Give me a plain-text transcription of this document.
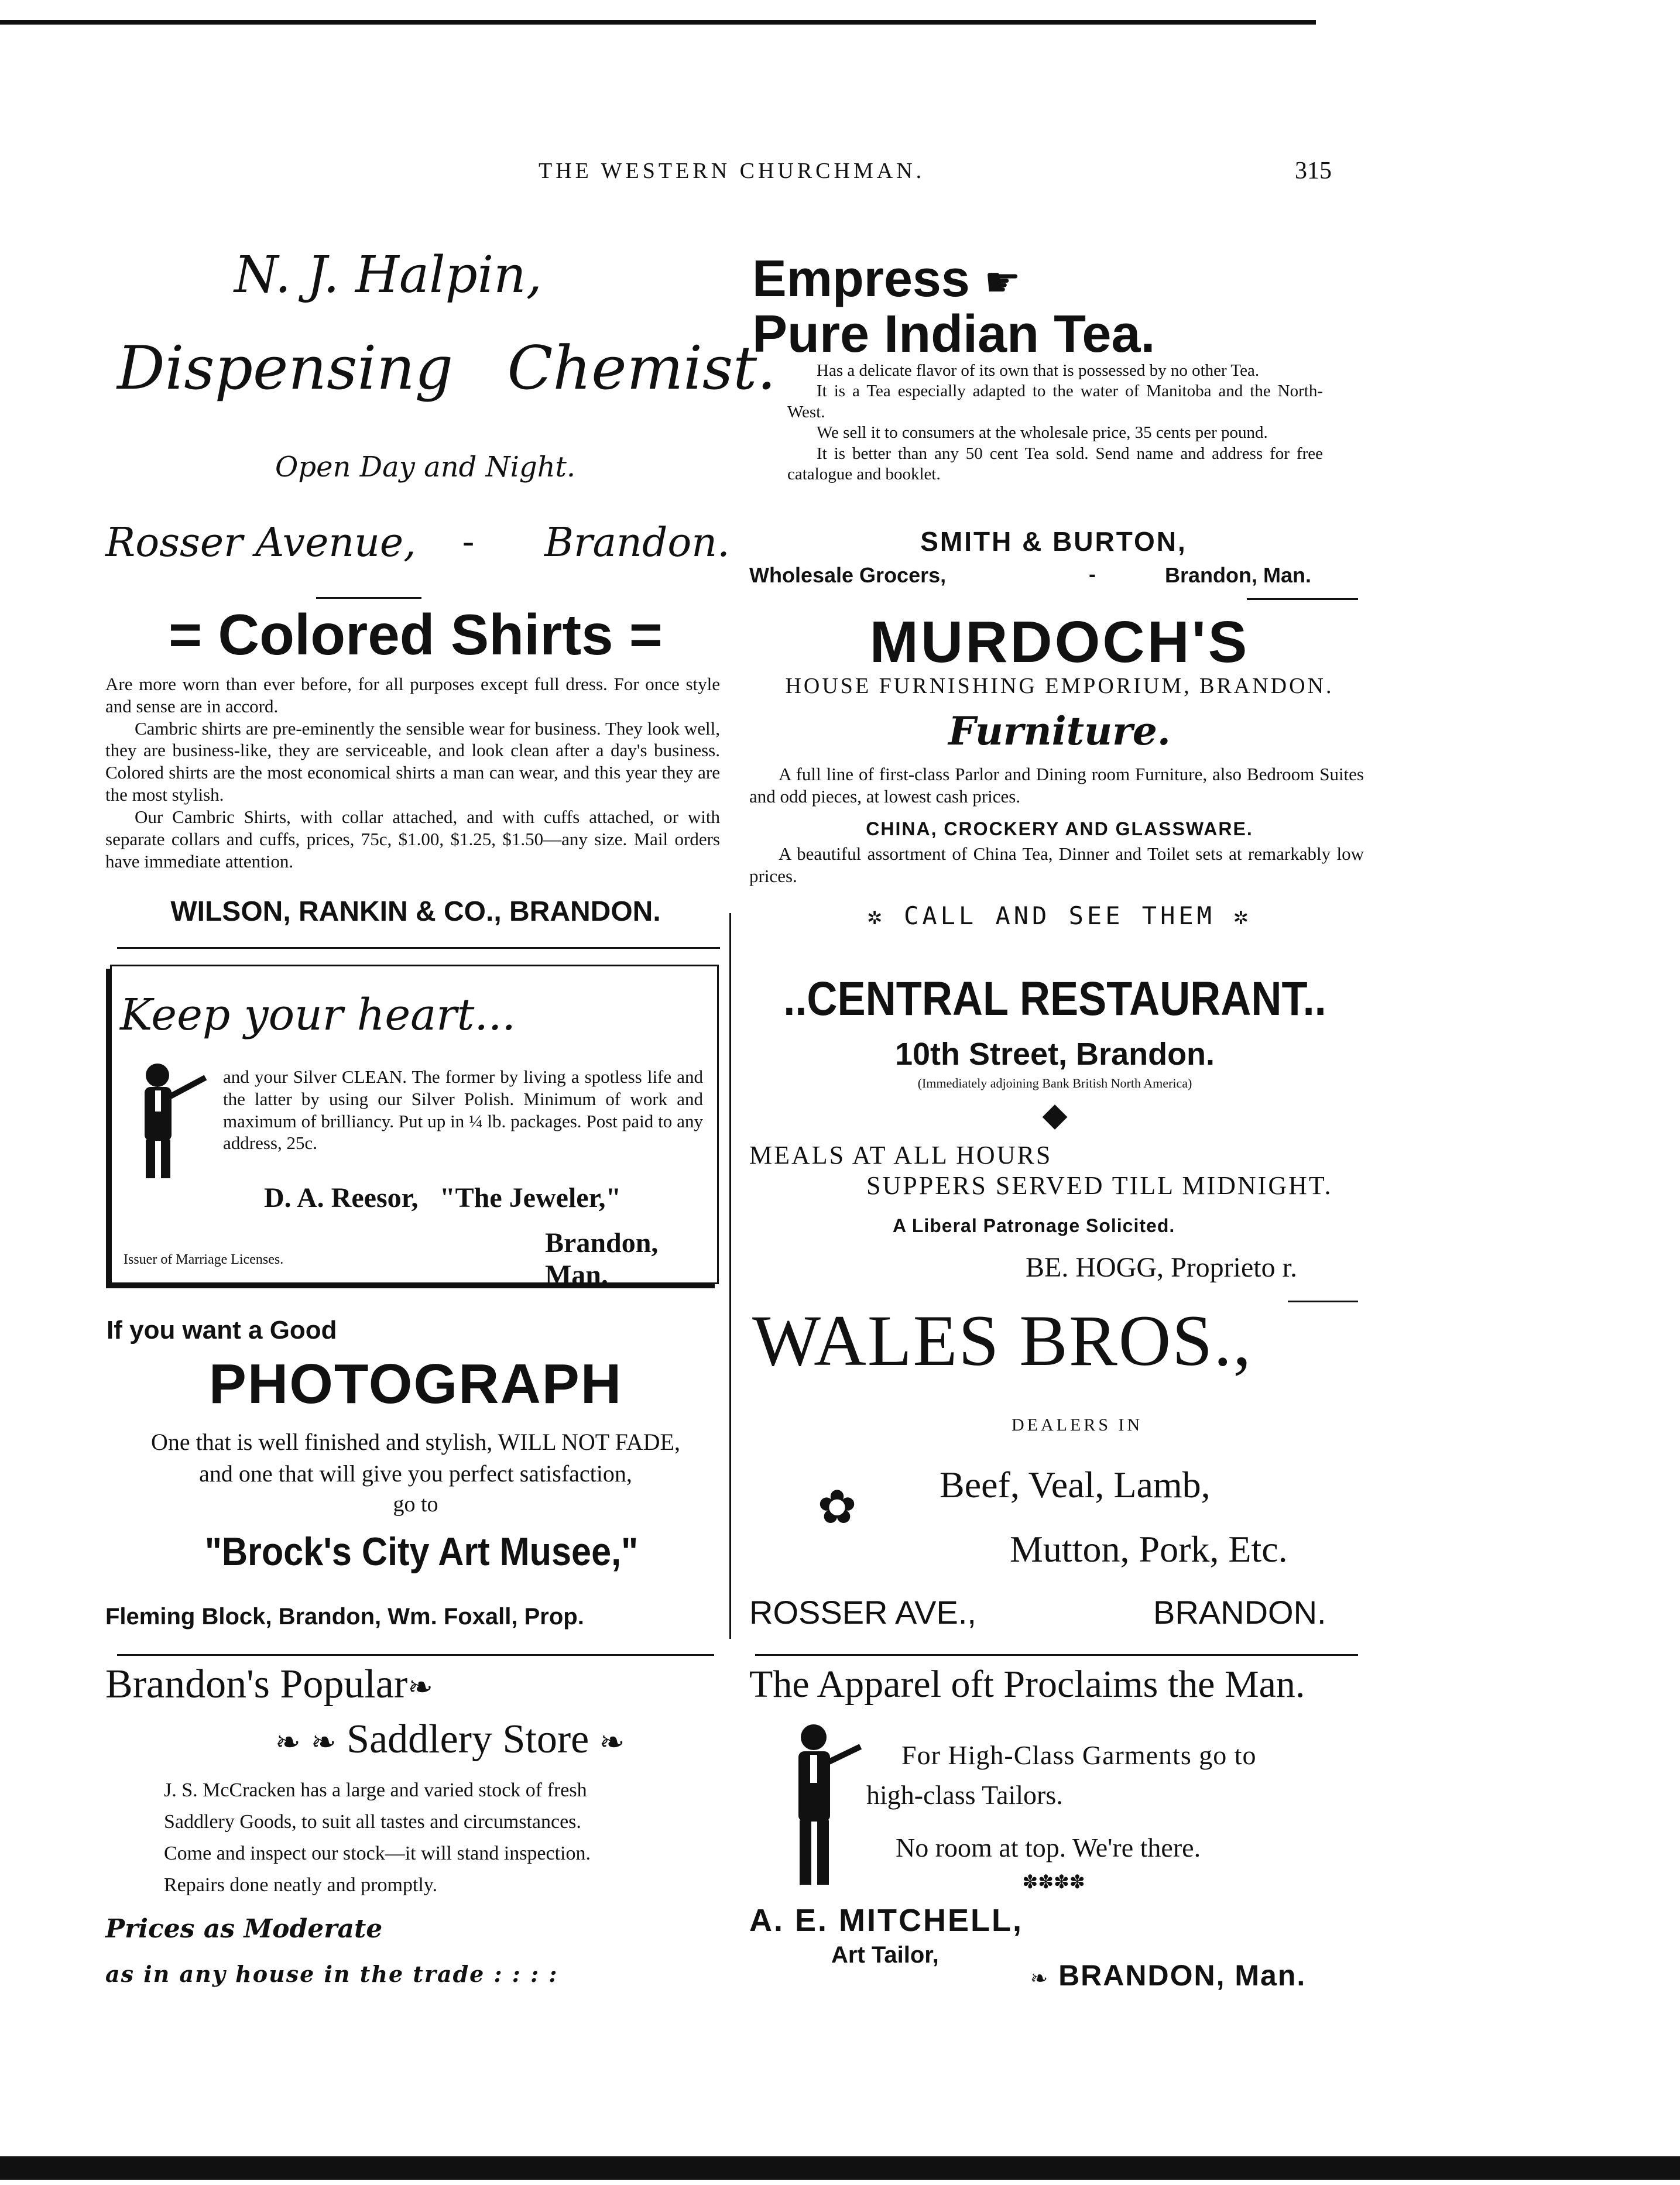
THE WESTERN CHURCHMAN.	315
N. J. Halpin,
Dispensing Chemist.
Open Day and Night.
Rosser Avenue, - Brandon.
Empress ☛
Pure Indian Tea.

Has a delicate flavor of its own that is possessed by no other Tea.

It is a Tea especially adapted to the water of Manitoba and the North-West.

We sell it to consumers at the wholesale price, 35 cents per pound.

It is better than any 50 cent Tea sold. Send name and address for free catalogue and booklet.

SMITH & BURTON,
Wholesale Grocers,	-	Brandon, Man.
= Colored Shirts =

Are more worn than ever before, for all purposes except full dress. For once style and sense are in accord.

Cambric shirts are pre-eminently the sensible wear for business. They look well, they are business-like, they are serviceable, and look clean after a day's business. Colored shirts are the most economical shirts a man can wear, and this year they are the most stylish.

Our Cambric Shirts, with collar attached, and with cuffs attached, or with separate collars and cuffs, prices, 75c, $1.00, $1.25, $1.50—any size. Mail orders have immediate attention.

WILSON, RANKIN & CO., BRANDON.
MURDOCH'S
HOUSE FURNISHING EMPORIUM, BRANDON.
Furniture.
A full line of first-class Parlor and Dining room Furniture, also Bedroom Suites and odd pieces, at lowest cash prices.
CHINA, CROCKERY AND GLASSWARE.
A beautiful assortment of China Tea, Dinner and Toilet sets at remarkably low prices.
✲ CALL AND SEE THEM ✲
Keep your heart...
and your Silver CLEAN. The former by living a spotless life and the latter by using our Silver Polish. Minimum of work and maximum of brilliancy. Put up in ¼ lb. packages. Post paid to any address, 25c.
D. A. Reesor, "The Jeweler,"
Brandon, Man.
Issuer of Marriage Licenses.
..CENTRAL RESTAURANT..
10th Street, Brandon.
(Immediately adjoining Bank British North America)
◆
MEALS AT ALL HOURS
SUPPERS SERVED TILL MIDNIGHT.
A Liberal Patronage Solicited.
BE. HOGG, Proprieto r.
If you want a Good
PHOTOGRAPH
One that is well finished and stylish, WILL NOT FADE,
and one that will give you perfect satisfaction,
go to
"Brock's City Art Musee,"
Fleming Block, Brandon, Wm. Foxall, Prop.
WALES BROS.,
DEALERS IN
✿	Beef, Veal, Lamb,
Mutton, Pork, Etc.
ROSSER AVE.,	BRANDON.
Brandon's Popular❧
❧ ❧ Saddlery Store ❧
J. S. McCracken has a large and varied stock of fresh
Saddlery Goods, to suit all tastes and circumstances.
Come and inspect our stock—it will stand inspection.
Repairs done neatly and promptly.
Prices as Moderate
as in any house in the trade : : : :
The Apparel oft Proclaims the Man.
For High-Class Garments go to
high-class Tailors.
No room at top. We're there.
✽✽✽✽
A. E. MITCHELL,
Art Tailor,
❧ BRANDON, Man.
